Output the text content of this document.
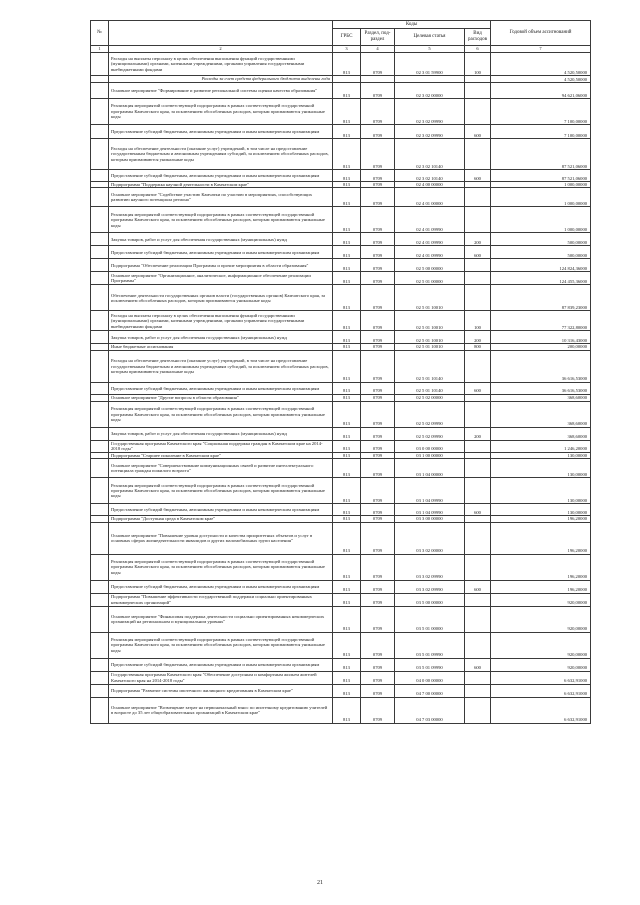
№		Коды				Годовой объем ассигнований
		ГРБС	Раздел, под-раздел	Целевая статья	Вид расходов	
1	2	3	4	5	6	7
	Расходы на выплаты персоналу в целях обеспечения выполнения функций государственными (муниципальными) органами, казенными учреждениями, органами управления государственными внебюджетными фондами	813	0709	02 3 01 59900	100	4 520,50000
	Расходы за счет средств федерального бюджета выделены года					4 520,50000
	Основное мероприятие "Формирование и развитие региональной системы оценки качества образования"	813	0709	02 3 02 00000		94 621,06000
	Реализация мероприятий соответствующей подпрограммы в рамках соответствующей государственной программы Камчатского края, за исключением обособленных расходов, которым присваиваются уникальные коды	813	0709	02 3 02 09990		7 100,00000
	Предоставление субсидий бюджетным, автономным учреждениям и иным некоммерческим организациям	813	0709	02 3 02 09990	600	7 100,00000
	Расходы на обеспечение деятельности (оказание услуг) учреждений, в том числе на предоставление государственным бюджетным и автономным учреждениям субсидий, за исключением обособленных расходов, которым присваиваются уникальные коды	813	0709	02 3 02 10140		87 521,06000
	Предоставление субсидий бюджетным, автономным учреждениям и иным некоммерческим организациям	813	0709	02 3 02 10140	600	87 521,06000
	Подпрограмма "Поддержка научной деятельности в Камчатском крае"	813	0709	02 4 00 00000		1 000,00000
	Основное мероприятие "Содействие участию Камчатки по участию в мероприятиях, способствующих развитию научного потенциала региона"	813	0709	02 4 01 00000		1 000,00000
	Реализация мероприятий соответствующей подпрограммы в рамках соответствующей государственной программы Камчатского края, за исключением обособленных расходов, которым присваиваются уникальные коды	813	0709	02 4 01 09990		1 000,00000
	Закупка товаров, работ и услуг для обеспечения государственных (муниципальных) нужд	813	0709	02 4 01 09990	200	500,00000
	Предоставление субсидий бюджетным, автономным учреждениям и иным некоммерческим организациям	813	0709	02 4 01 09990	600	500,00000
	Подпрограмма "Обеспечение реализации Программы и прочие мероприятия в области образования"	813	0709	02 5 00 00000		124 824,36000
	Основное мероприятие "Организационное, аналитическое, информационное обеспечение реализации Программы"	813	0709	02 5 01 00000		124 455,36000
	Обеспечение деятельности государственных органов власти (государственных органов) Камчатского края, за исключением обособленных расходов, которым присваиваются уникальные коды	813	0709	02 5 01 10010		87 839,23000
	Расходы на выплаты персоналу в целях обеспечения выполнения функций государственными (муниципальными) органами, казенными учреждениями, органами управления государственными внебюджетными фондами	813	0709	02 5 01 10010	100	77 322,80000
	Закупка товаров, работ и услуг для обеспечения государственных (муниципальных) нужд	813	0709	02 5 01 10010	200	10 316,43000
	Иные бюджетные ассигнования	813	0709	02 5 01 10010	800	200,00000
	Расходы на обеспечение деятельности (оказание услуг) учреждений, в том числе на предоставление государственным бюджетным и автономным учреждениям субсидий, за исключением обособленных расходов, которым присваиваются уникальные коды	813	0709	02 5 01 10140		36 616,53000
	Предоставление субсидий бюджетным, автономным учреждениям и иным некоммерческим организациям	813	0709	02 5 01 10140	600	36 616,53000
	Основное мероприятие "Другие вопросы в области образования"	813	0709	02 5 02 00000		368,60000
	Реализация мероприятий соответствующей подпрограммы в рамках соответствующей государственной программы Камчатского края, за исключением обособленных расходов, которым присваиваются уникальные коды	813	0709	02 5 02 09990		368,60000
	Закупка товаров, работ и услуг для обеспечения государственных (муниципальных) нужд	813	0709	02 5 02 09990	200	368,60000
	Государственная программа Камчатского края "Социальная поддержка граждан в Камчатском крае на 2014-2018 годы"	813	0709	03 0 00 00000		1 246,20000
	Подпрограмма "Старшее поколение в Камчатском крае"	813	0709	03 1 00 00000		130,00000
	Основное мероприятие "Совершенствование коммуникационных связей и развитие интеллектуального потенциала граждан пожилого возраста"	813	0709	03 1 04 00000		130,00000
	Реализация мероприятий соответствующей подпрограммы в рамках соответствующей государственной программы Камчатского края, за исключением обособленных расходов, которым присваиваются уникальные коды	813	0709	03 1 04 09990		130,00000
	Предоставление субсидий бюджетным, автономным учреждениям и иным некоммерческим организациям	813	0709	03 1 04 09990	600	130,00000
	Подпрограмма "Доступная среда в Камчатском крае"	813	0709	03 3 00 00000		196,20000
	Основное мероприятие "Повышение уровня доступности и качества приоритетных объектов и услуг в основных сферах жизнедеятельности инвалидов и других маломобильных групп населения"	813	0709	03 3 02 00000		196,20000
	Реализация мероприятий соответствующей подпрограммы в рамках соответствующей государственной программы Камчатского края, за исключением обособленных расходов, которым присваиваются уникальные коды	813	0709	03 3 02 09990		196,20000
	Предоставление субсидий бюджетным, автономным учреждениям и иным некоммерческим организациям	813	0709	03 3 02 09990	600	196,20000
	Подпрограмма "Повышение эффективности государственной поддержки социально ориентированных некоммерческих организаций"	813	0709	03 5 00 00000		920,00000
	Основное мероприятие "Финансовая поддержка деятельности социально ориентированных некоммерческих организаций на региональном и муниципальном уровнях"	813	0709	03 5 01 00000		920,00000
	Реализация мероприятий соответствующей подпрограммы в рамках соответствующей государственной программы Камчатского края, за исключением обособленных расходов, которым присваиваются уникальные коды	813	0709	03 5 01 09990		920,00000
	Предоставление субсидий бюджетным, автономным учреждениям и иным некоммерческим организациям	813	0709	03 5 01 09990	600	920,00000
	Государственная программа Камчатского края "Обеспечение доступным и комфортным жильем жителей Камчатского края на 2014-2018 годы"	813	0709	04 0 00 00000		6 632,91000
	Подпрограмма "Развитие системы ипотечного жилищного кредитования в Камчатском крае"	813	0709	04 7 00 00000		6 632,91000
	Основное мероприятие "Возмещение затрат на первоначальный взнос по ипотечному кредитованию учителей в возрасте до 35 лет общеобразовательных организаций в Камчатском крае"	813	0709	04 7 03 00000		6 632,91000
21
